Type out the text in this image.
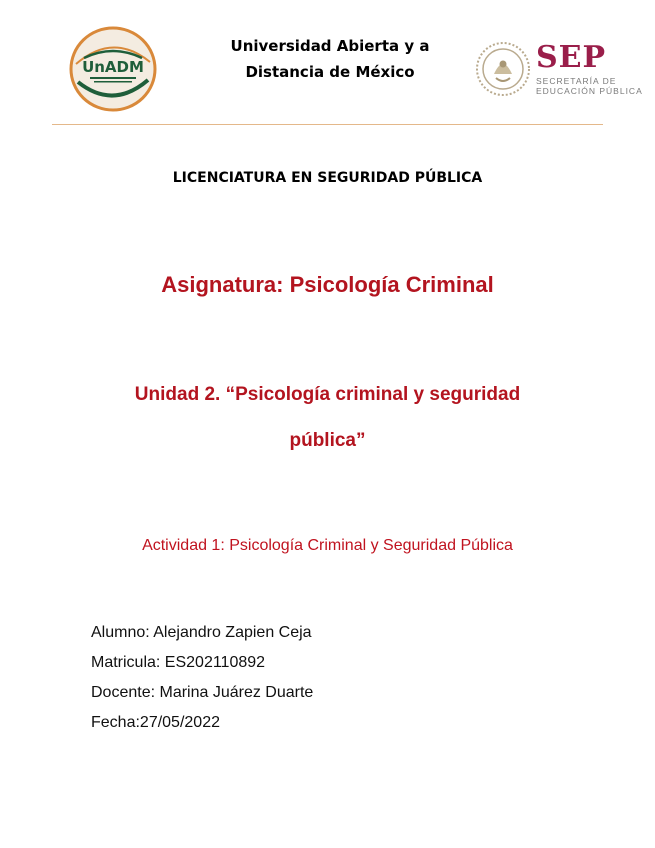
UnADM
Universidad Abierta y a
Distancia de México	SEP
SECRETARÍA DE
EDUCACIÓN PÚBLICA
LICENCIATURA EN SEGURIDAD PÚBLICA
Asignatura: Psicología Criminal
Unidad 2. “Psicología criminal y seguridad
pública”
Actividad 1: Psicología Criminal y Seguridad Pública
Alumno: Alejandro Zapien Ceja
Matricula: ES202110892
Docente: Marina Juárez Duarte
Fecha:27/05/2022
